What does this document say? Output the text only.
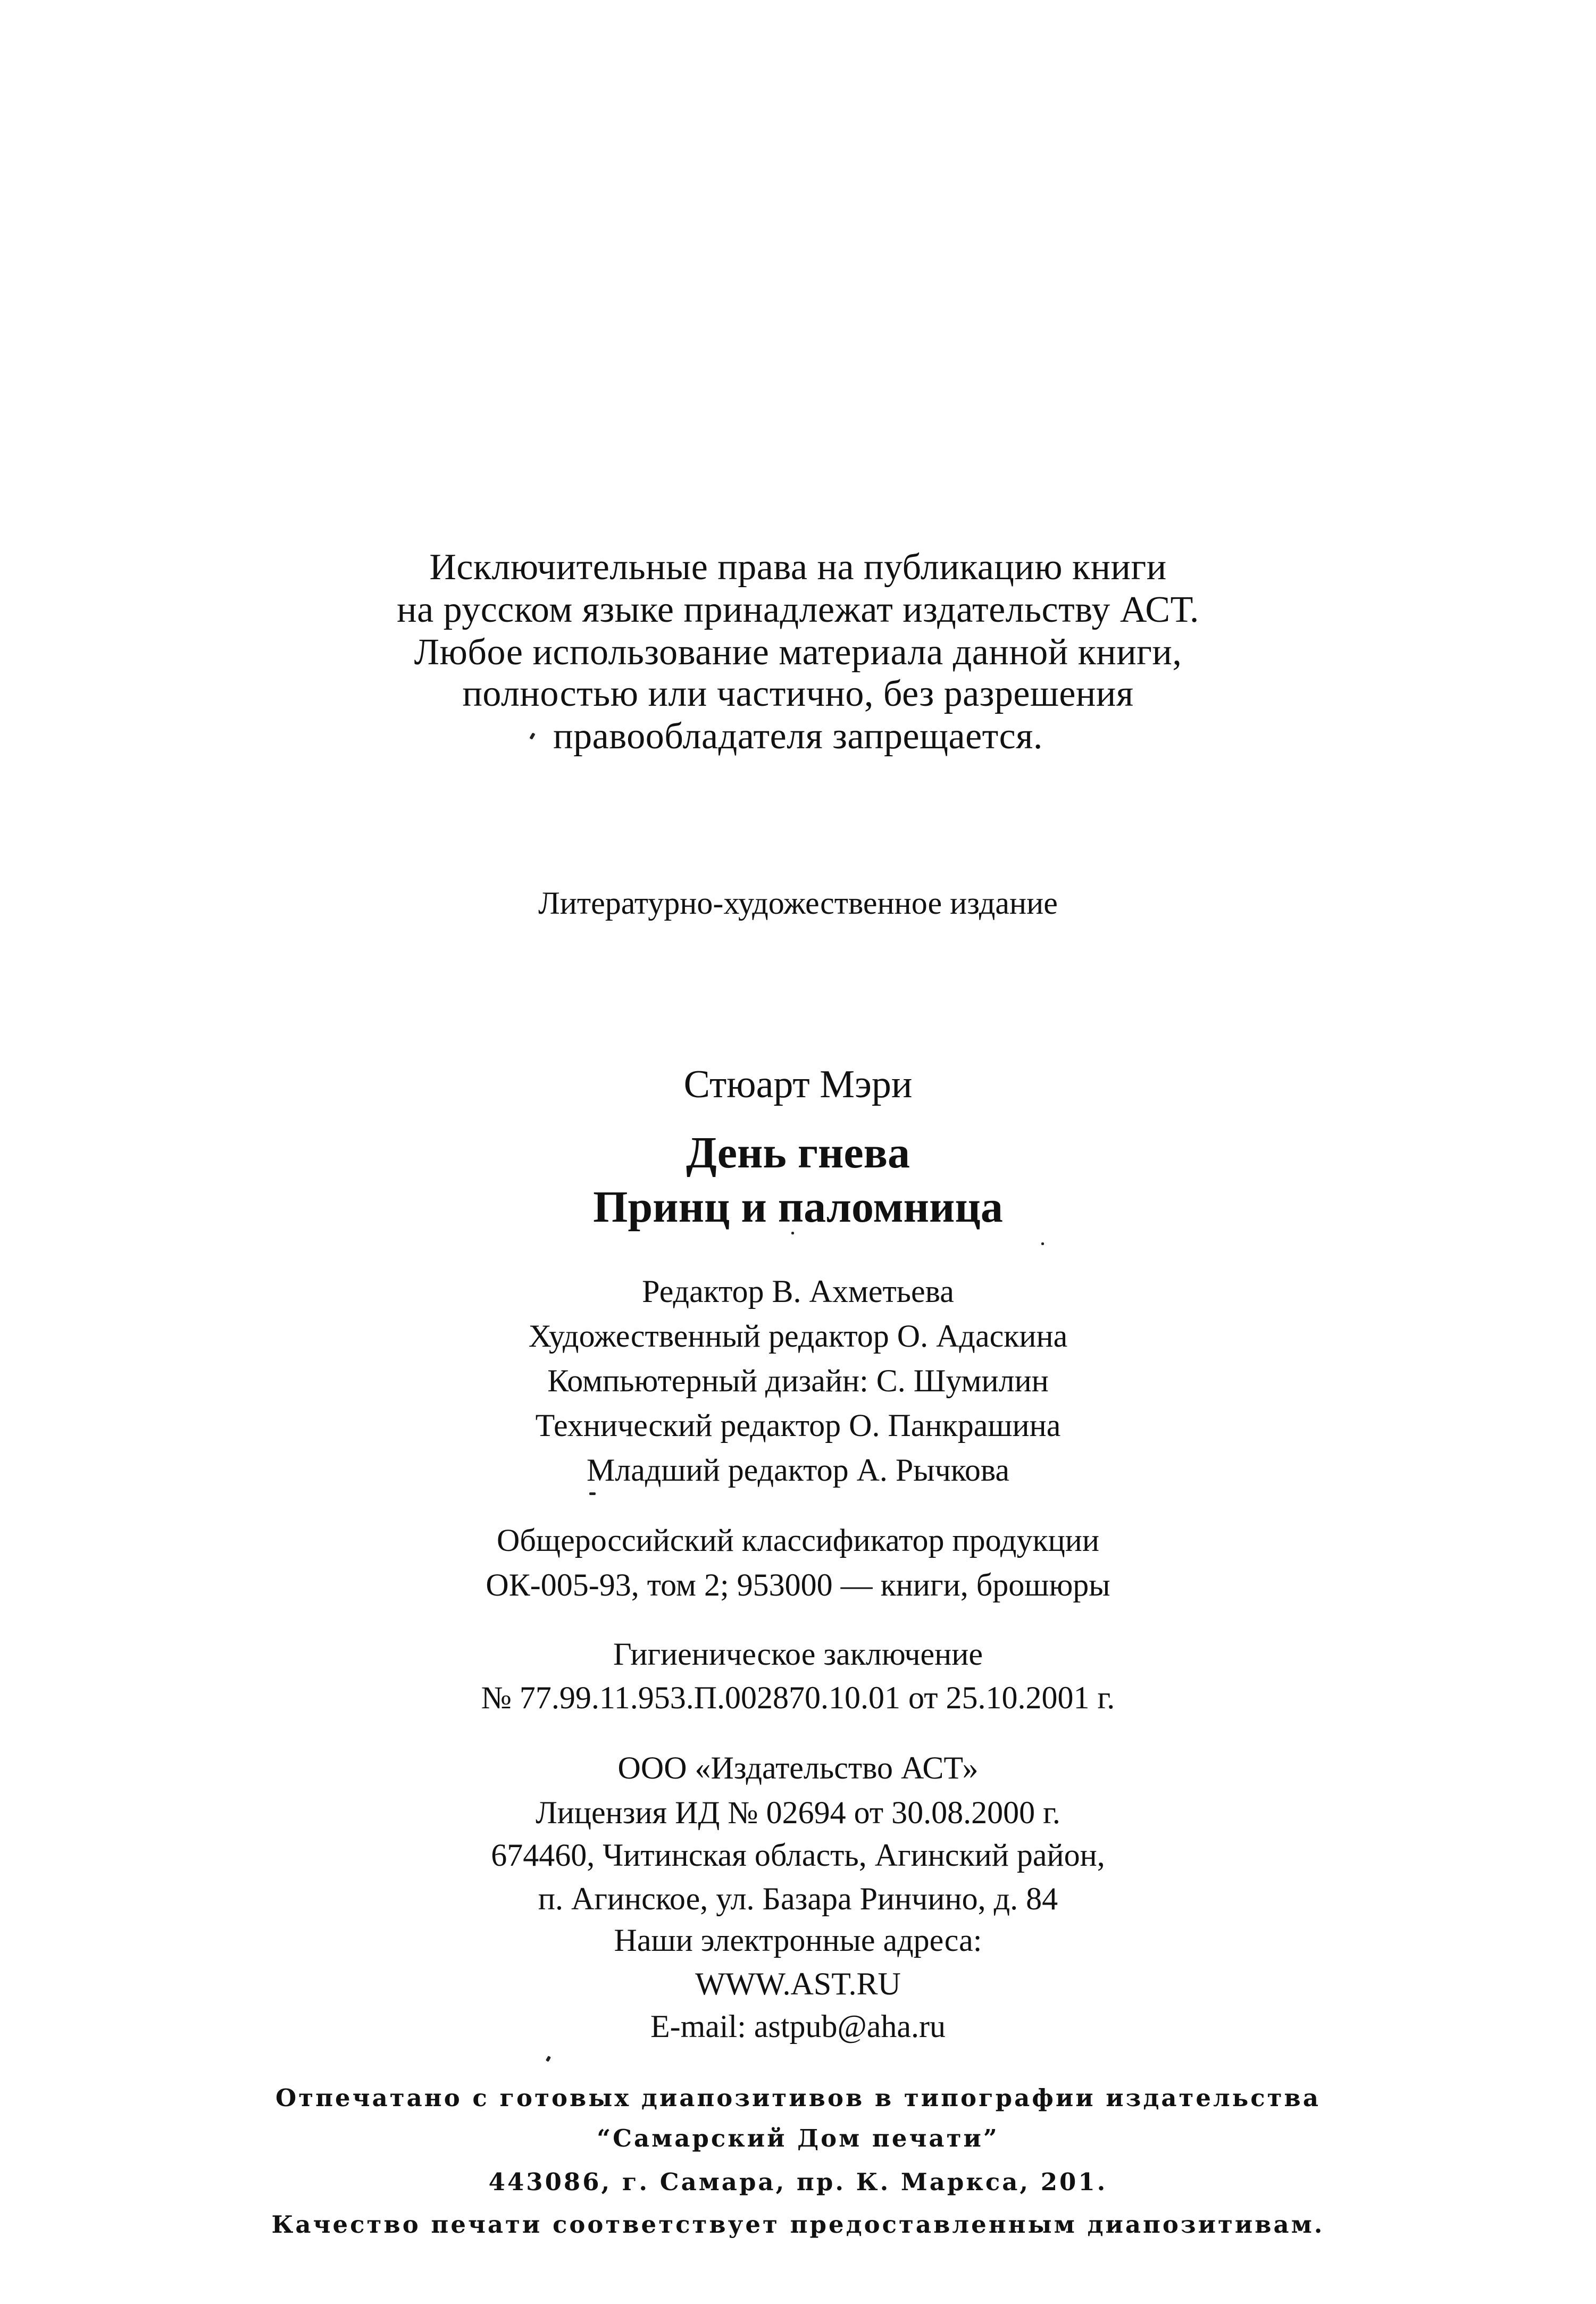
Исключительные права на публикацию книги
на русском языке принадлежат издательству АСТ.
Любое использование материала данной книги,
полностью или частично, без разрешения
правообладателя запрещается.
Литературно-художественное издание
Стюарт Мэри
День гнева
Принц и паломница
Редактор В. Ахметьева
Художественный редактор О. Адаскина
Компьютерный дизайн: С. Шумилин
Технический редактор О. Панкрашина
Младший редактор А. Рычкова
Общероссийский классификатор продукции
ОК-005-93, том 2; 953000 — книги, брошюры
Гигиеническое заключение
№ 77.99.11.953.П.002870.10.01 от 25.10.2001 г.
ООО «Издательство АСТ»
Лицензия ИД № 02694 от 30.08.2000 г.
674460, Читинская область, Агинский район,
п. Агинское, ул. Базара Ринчино, д. 84
Наши электронные адреса:
WWW.AST.RU
E-mail: astpub@aha.ru
Отпечатано с готовых диапозитивов в типографии издательства
“Самарский Дом печати”
443086, г. Самара, пр. К. Маркса, 201.
Качество печати соответствует предоставленным диапозитивам.
